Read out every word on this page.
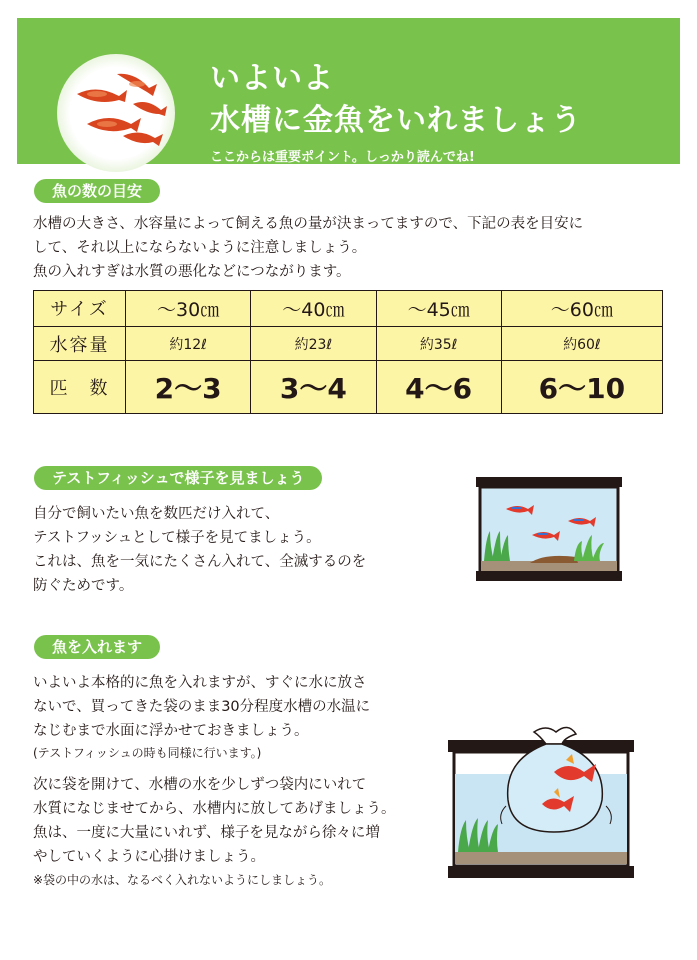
いよいよ
水槽に金魚をいれましょう
ここからは重要ポイント。しっかり読んでね!
魚の数の目安
水槽の大きさ、水容量によって飼える魚の量が決まってますので、下記の表を目安に
して、それ以上にならないように注意しましょう。
魚の入れすぎは水質の悪化などにつながります。
サイズ	〜30㎝	〜40㎝	〜45㎝	〜60㎝
水容量	約12ℓ	約23ℓ	約35ℓ	約60ℓ
匹　数	2〜3	3〜4	4〜6	6〜10
テストフィッシュで様子を見ましょう
自分で飼いたい魚を数匹だけ入れて、
テストフッシュとして様子を見てましょう。
これは、魚を一気にたくさん入れて、全滅するのを
防ぐためです。
魚を入れます
いよいよ本格的に魚を入れますが、すぐに水に放さ
ないで、買ってきた袋のまま30分程度水槽の水温に
なじむまで水面に浮かせておきましょう。
(テストフィッシュの時も同様に行います。)
次に袋を開けて、水槽の水を少しずつ袋内にいれて
水質になじませてから、水槽内に放してあげましょう。
魚は、一度に大量にいれず、様子を見ながら徐々に増
やしていくように心掛けましょう。
※袋の中の水は、なるべく入れないようにしましょう。
